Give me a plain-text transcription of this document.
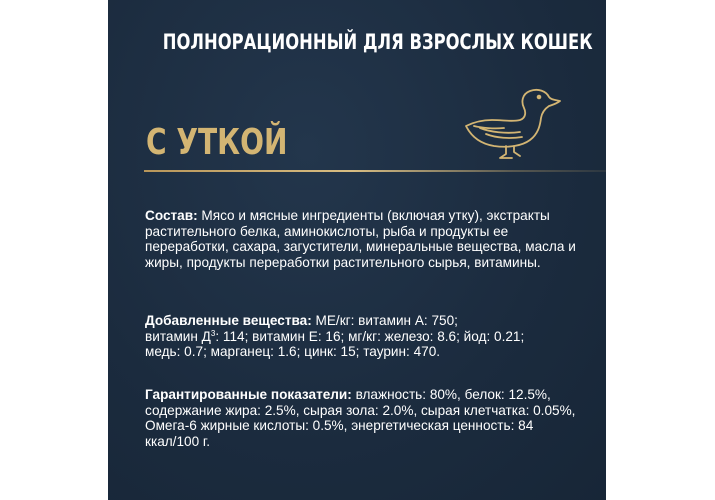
ПОЛНОРАЦИОННЫЙ ДЛЯ ВЗРОСЛЫХ КОШЕК
С УТКОЙ
Состав: Мясо и мясные ингредиенты (включая утку), экстракты растительного белка, аминокислоты, рыба и продукты ее переработки, сахара, загустители, минеральные вещества, масла и жиры, продукты переработки растительного сырья, витамины.
Добавленные вещества: МЕ/кг: витамин А: 750;
витамин $Д^3$: 114; витамин Е: 16; мг/кг: железо: 8.6; йод: 0.21;
медь: 0.7; марганец: 1.6; цинк: 15; таурин: 470.
Гарантированные показатели: влажность: 80%, белок: 12.5%, содержание жира: 2.5%, сырая зола: 2.0%, сырая клетчатка: 0.05%, Омега-6 жирные кислоты: 0.5%, энергетическая ценность: 84 ккал/100 г.
